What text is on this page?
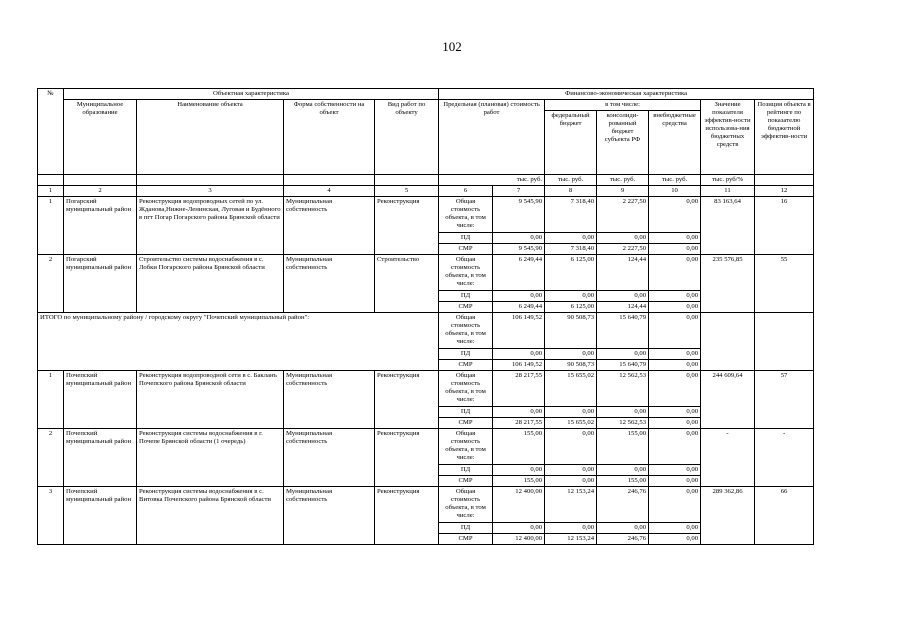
102
№	Объектная характеристика				Финансово-экономическая характеристика						
	Муниципальное образование	Наименование объекта	Форма собственности на объект	Вид работ по объекту	Предельная (плановая) стоимость работ		в том числе:			Значение показателя эффектив-ности использова-ния бюджетных средств	Позиция объекта в рейтинге по показателю бюджетной эффектив-ности
							федеральный бюджет	консолиди-рованный бюджет субъекта РФ	внебюджетные средства		
					тыс. руб.		тыс. руб.	тыс. руб.	тыс. руб.	тыс. руб/%	
1	2	3	4	5	6	7	8	9	10	11	12
1	Погарский муниципальный район	Реконструкция водопроводных сетей по ул. Жданова,Нижне-Ленинская, Луговая и Будённого в пгт Погар Погарского района Брянской области	Муниципальная собственность	Реконструкция	Общая стоимость объекта, в том числе:	9 545,90	7 318,40	2 227,50	0,00	83 163,64	16
					ПД	0,00	0,00	0,00	0,00		
					СМР	9 545,90	7 318,40	2 227,50	0,00		
2	Погарский муниципальный район	Строительство системы водоснабжения в с. Лобки Погарского района Брянской области	Муниципальная собственность	Строительство	Общая стоимость объекта, в том числе:	6 249,44	6 125,00	124,44	0,00	235 576,85	55
					ПД	0,00	0,00	0,00	0,00		
					СМР	6 249,44	6 125,00	124,44	0,00		
ИТОГО по муниципальному району / городскому округу "Почепский муниципальный район":					Общая стоимость объекта, в том числе:	106 149,52	90 508,73	15 640,79	0,00		
					ПД	0,00	0,00	0,00	0,00		
					СМР	106 149,52	90 508,73	15 640,79	0,00		
1	Почепский муниципальный район	Реконструкция водопроводной сети в с. Бакланъ Почепского района Брянской области	Муниципальная собственность	Реконструкция	Общая стоимость объекта, в том числе:	28 217,55	15 655,02	12 562,53	0,00	244 609,64	57
					ПД	0,00	0,00	0,00	0,00		
					СМР	28 217,55	15 655,02	12 562,53	0,00		
2	Почепский муниципальный район	Реконструкция системы водоснабжения в г. Почепе Брянской области (1 очередь)	Муниципальная собственность	Реконструкция	Общая стоимость объекта, в том числе:	155,00	0,00	155,00	0,00	-	-
					ПД	0,00	0,00	0,00	0,00		
					СМР	155,00	0,00	155,00	0,00		
3	Почепский муниципальный район	Реконструкция системы водоснабжения в с. Витовка Почепского района Брянской области	Муниципальная собственность	Реконструкция	Общая стоимость объекта, в том числе:	12 400,00	12 153,24	246,76	0,00	289 362,86	66
					ПД	0,00	0,00	0,00	0,00		
					СМР	12 400,00	12 153,24	246,76	0,00		
